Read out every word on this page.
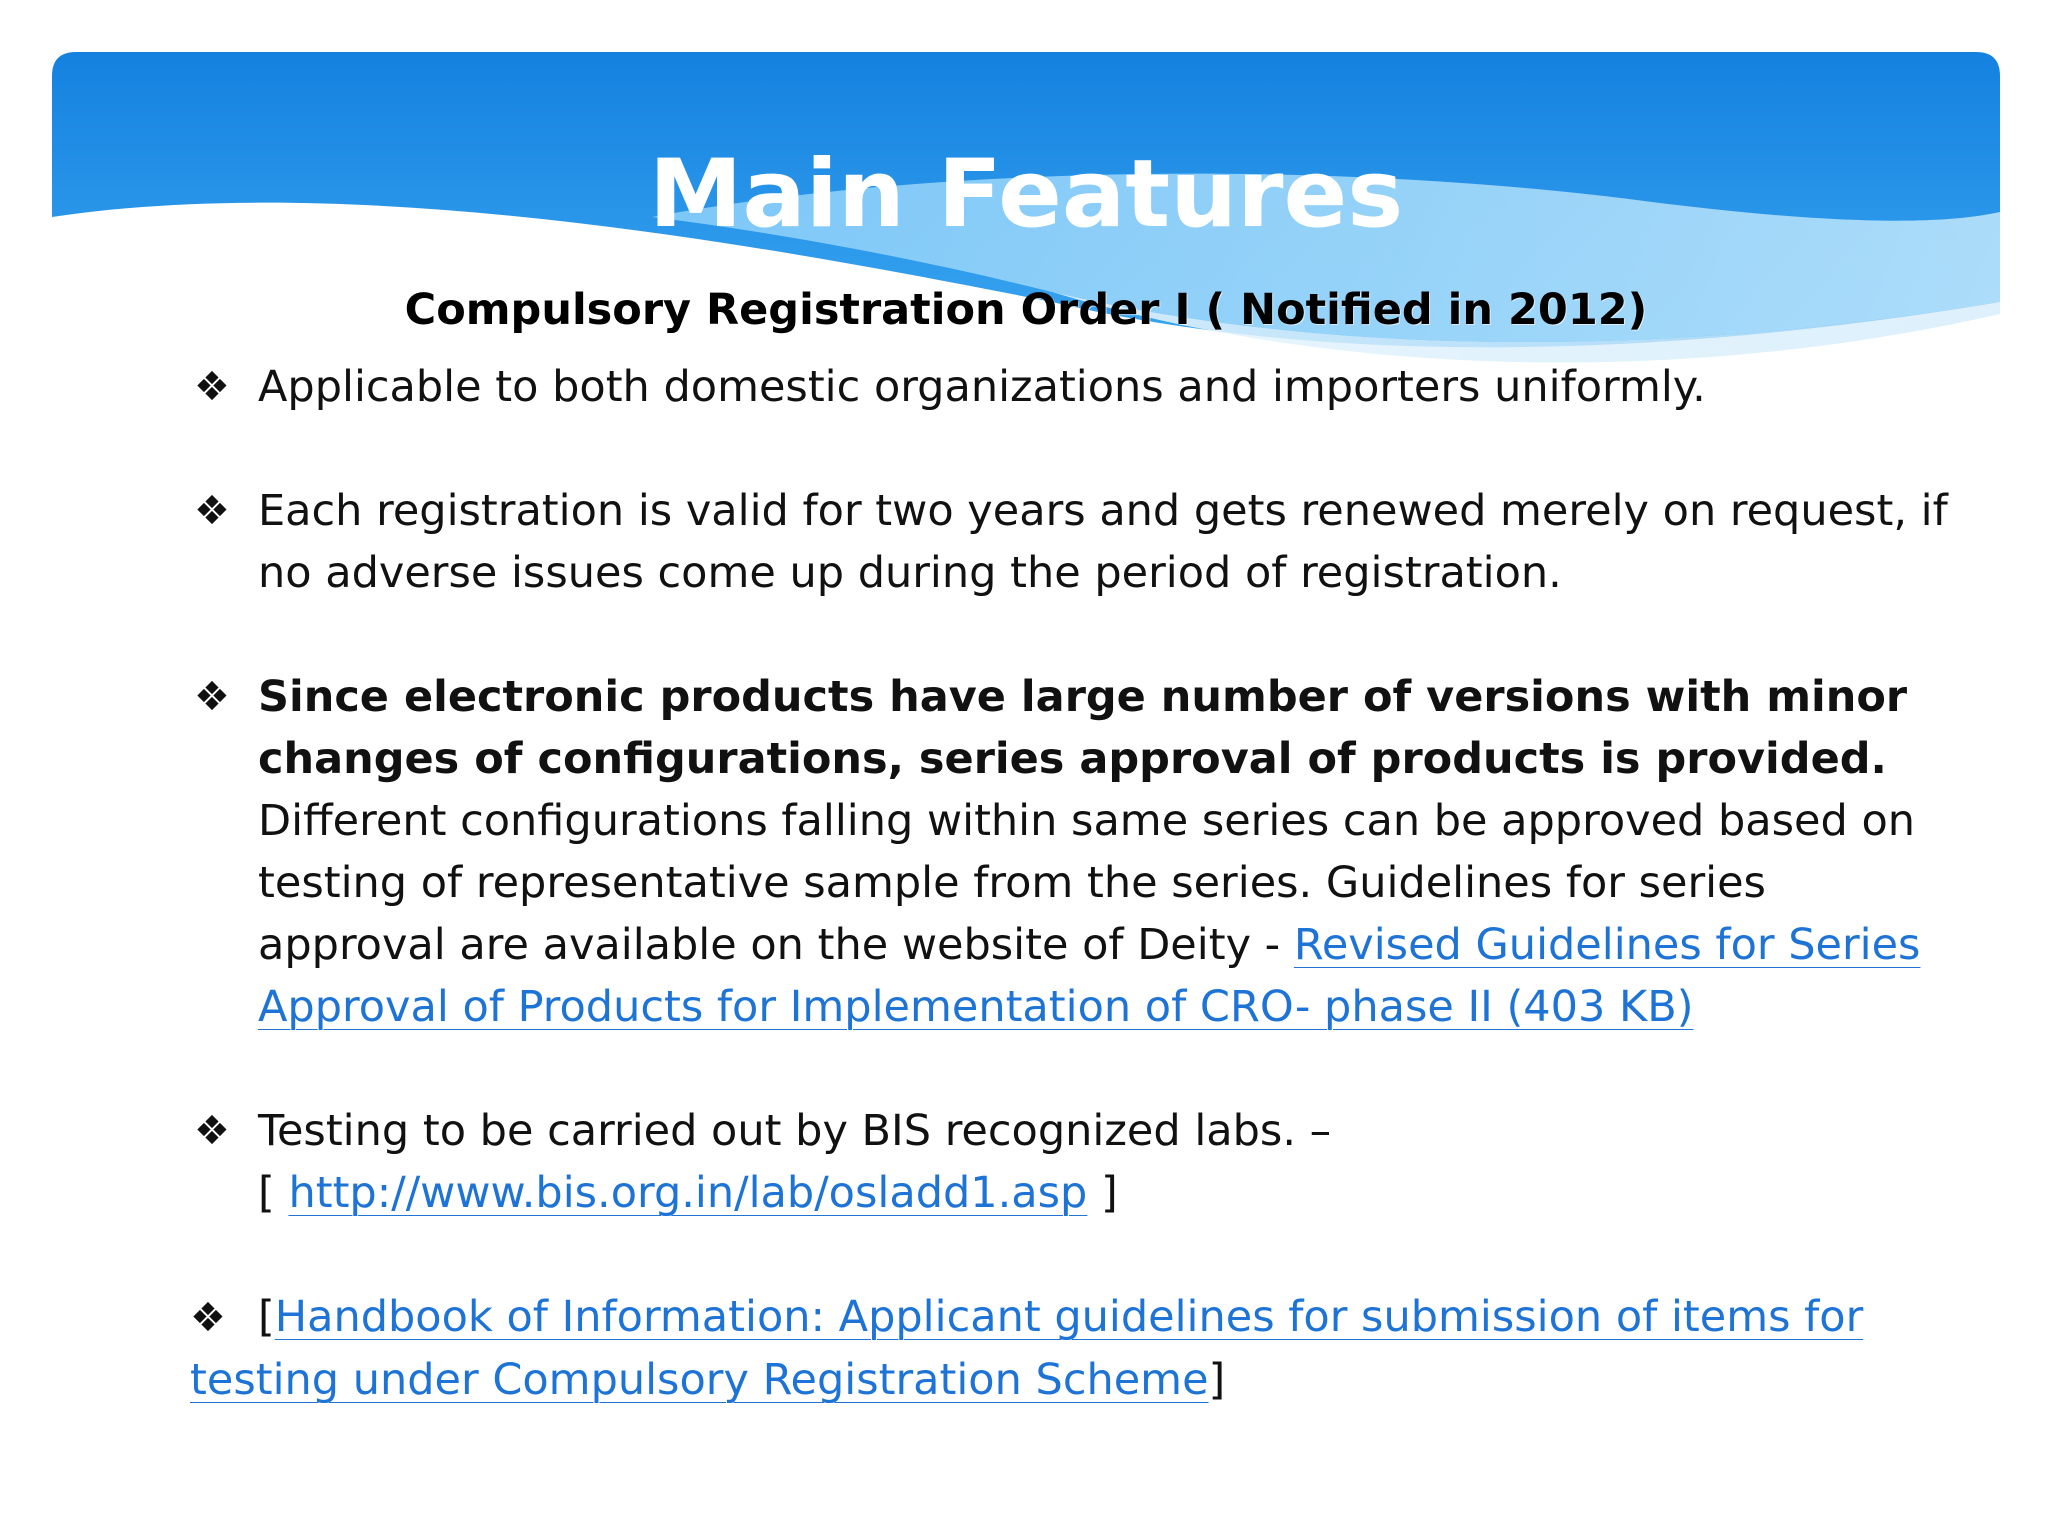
Main Features
Compulsory Registration Order I ( Notified in 2012)
❖ Applicable to both domestic organizations and importers uniformly.
❖ Each registration is valid for two years and gets renewed merely on request, if no adverse issues come up during the period of registration.
❖ Since electronic products have large number of versions with minor changes of configurations, series approval of products is provided. Different configurations falling within same series can be approved based on testing of representative sample from the series. Guidelines for series approval are available on the website of Deity - Revised Guidelines for Series Approval of Products for Implementation of CRO- phase II (403 KB)
❖ Testing to be carried out by BIS recognized labs. –
[ http://www.bis.org.in/lab/osladd1.asp ]
❖ [Handbook of Information: Applicant guidelines for submission of items for testing under Compulsory Registration Scheme]
